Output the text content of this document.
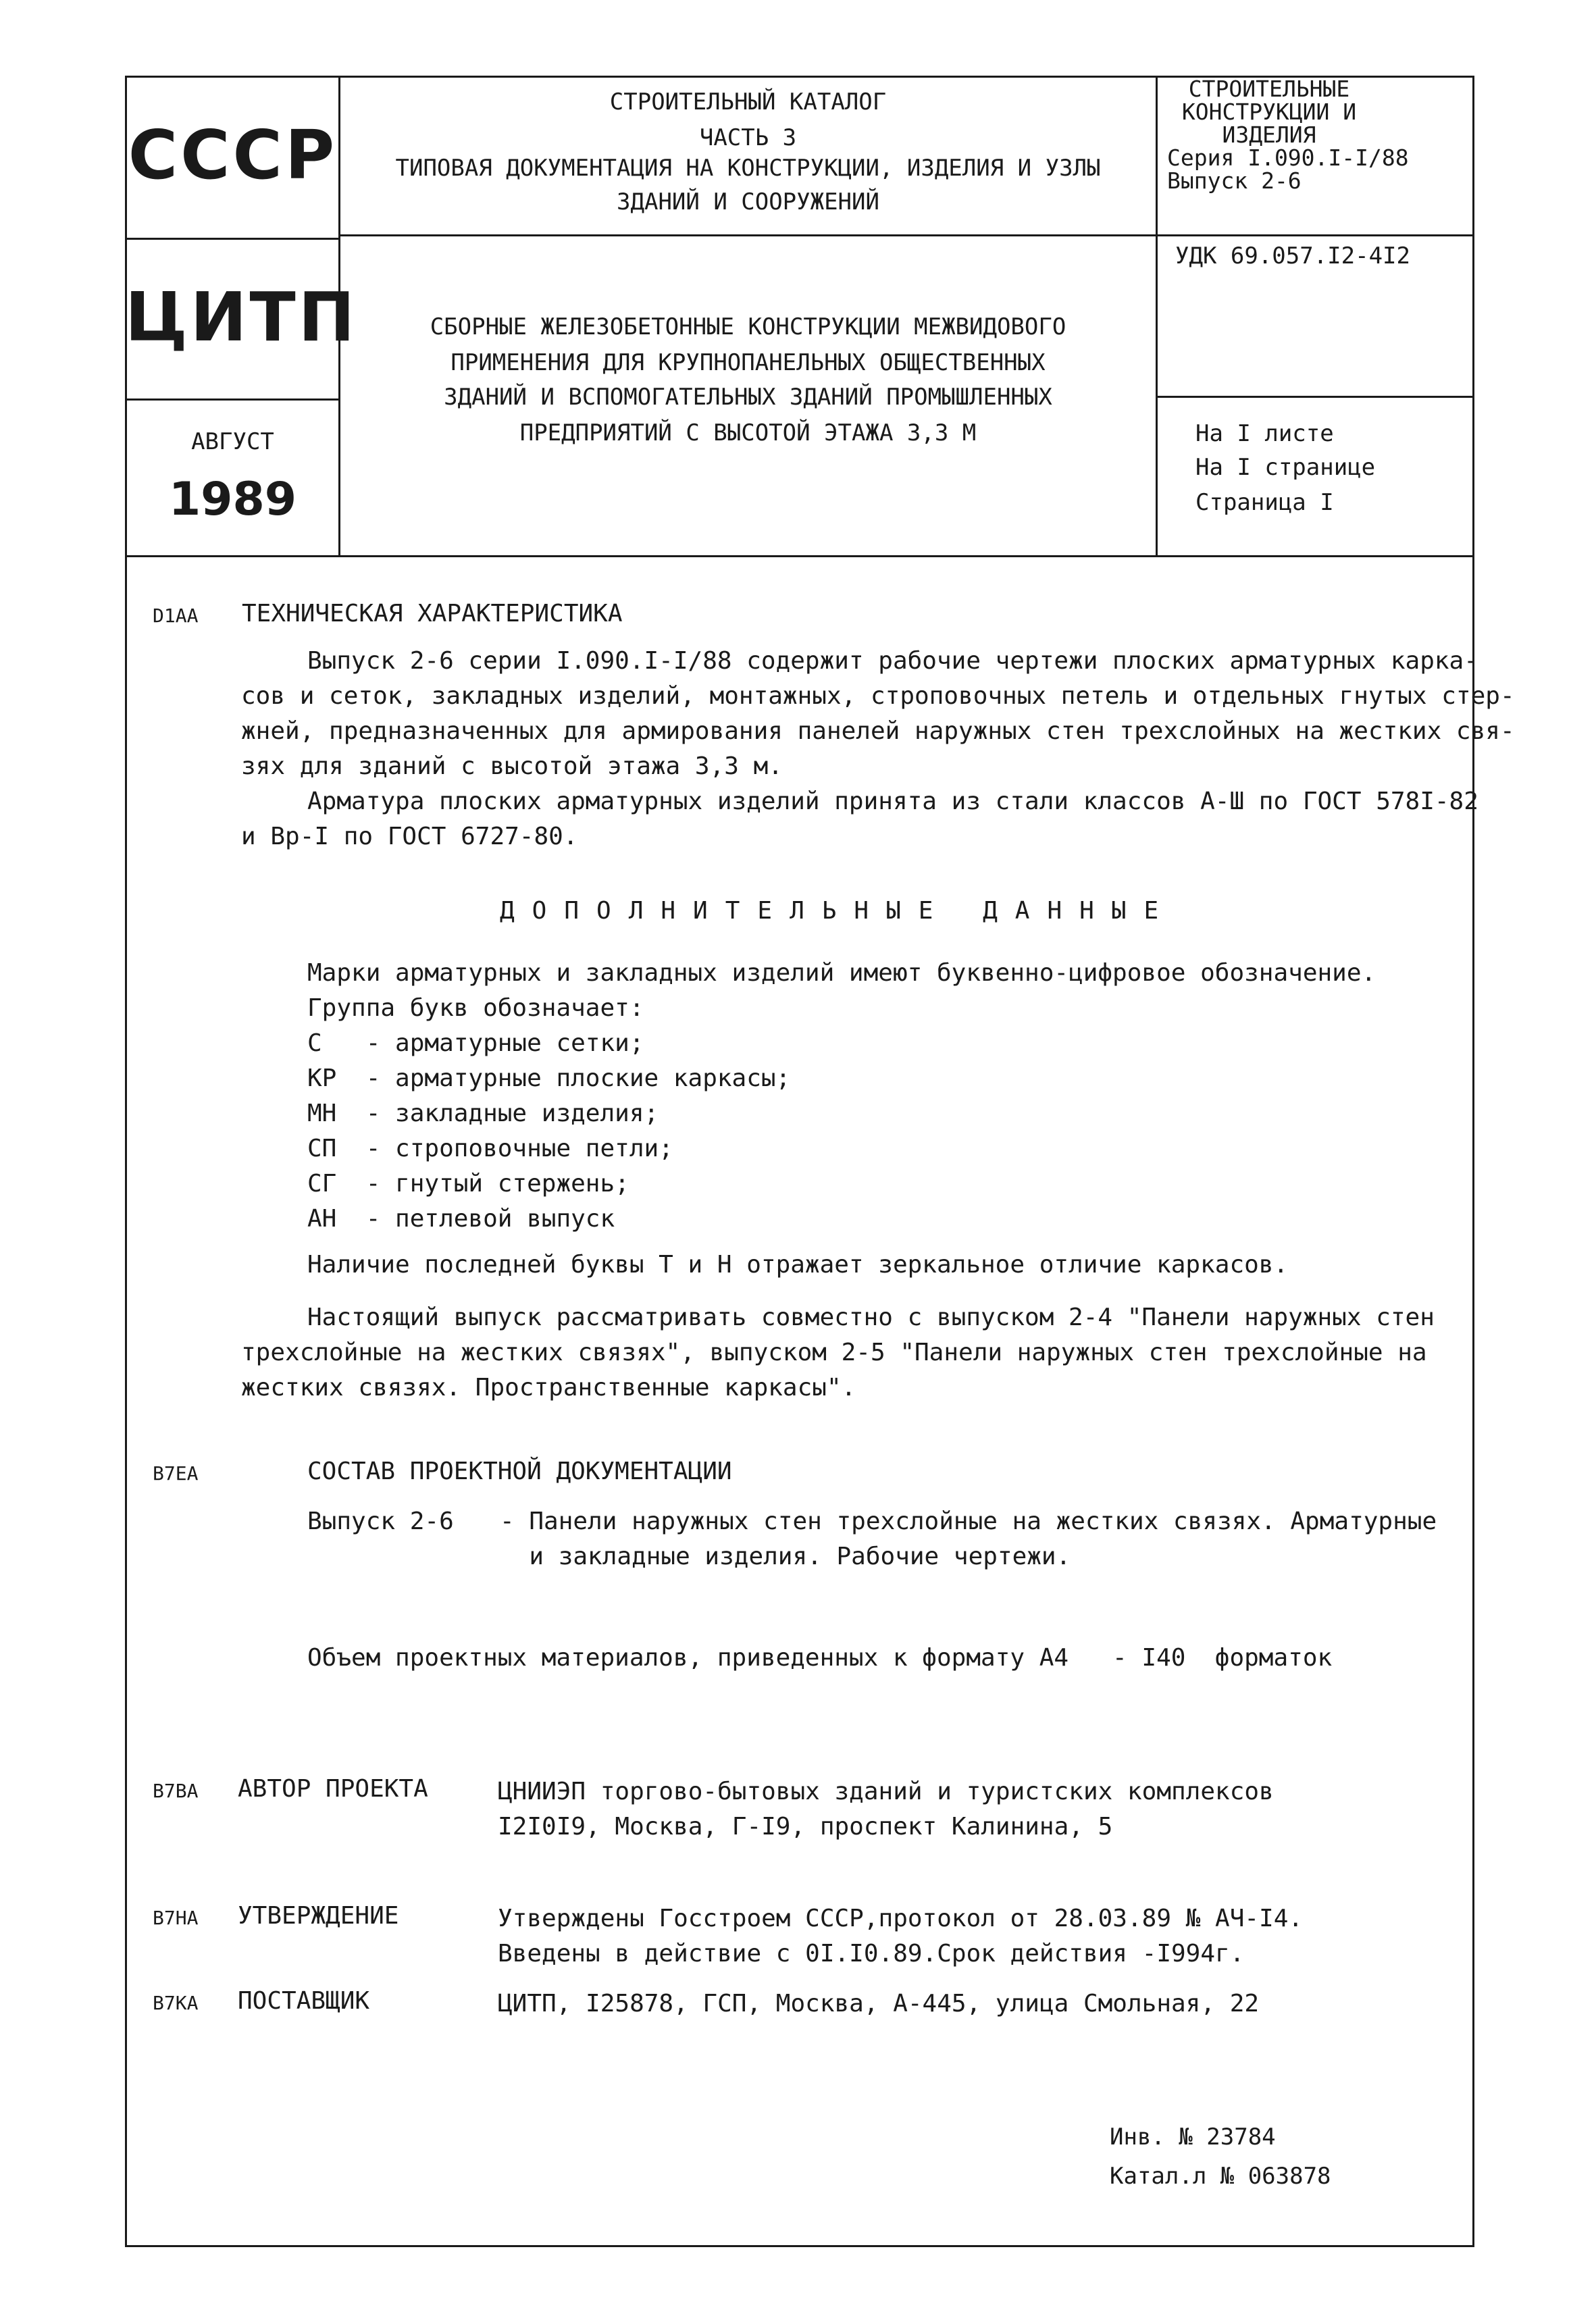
СССР
ЦИТП
АВГУСТ
1989
СТРОИТЕЛЬНЫЙ КАТАЛОГ
ЧАСТЬ 3
ТИПОВАЯ ДОКУМЕНТАЦИЯ НА КОНСТРУКЦИИ, ИЗДЕЛИЯ И УЗЛЫ
ЗДАНИЙ И СООРУЖЕНИЙ
СБОРНЫЕ ЖЕЛЕЗОБЕТОННЫЕ КОНСТРУКЦИИ МЕЖВИДОВОГО
ПРИМЕНЕНИЯ ДЛЯ КРУПНОПАНЕЛЬНЫХ ОБЩЕСТВЕННЫХ
ЗДАНИЙ И ВСПОМОГАТЕЛЬНЫХ ЗДАНИЙ ПРОМЫШЛЕННЫХ
ПРЕДПРИЯТИЙ С ВЫСОТОЙ ЭТАЖА 3,3 М
СТРОИТЕЛЬНЫЕ
КОНСТРУКЦИИ И
ИЗДЕЛИЯ
Серия I.090.I-I/88
Выпуск 2-6
УДК 69.057.I2-4I2
На I листе
На I странице
Страница I
D1AA ТЕХНИЧЕСКАЯ ХАРАКТЕРИСТИКА
Выпуск 2-6 серии I.090.I-I/88 содержит рабочие чертежи плоских арматурных карка-
сов и сеток, закладных изделий, монтажных, строповочных петель и отдельных гнутых стер-
жней, предназначенных для армирования панелей наружных стен трехслойных на жестких свя-
зях для зданий с высотой этажа 3,3 м.
Арматура плоских арматурных изделий принята из стали классов А-Ш по ГОСТ 578I-82
и Вр-I по ГОСТ 6727-80.
ДОПОЛНИТЕЛЬНЫЕ ДАННЫЕ
Марки арматурных и закладных изделий имеют буквенно-цифровое обозначение.
Группа букв обозначает:
С   - арматурные сетки;
КР  - арматурные плоские каркасы;
МН  - закладные изделия;
СП  - строповочные петли;
СГ  - гнутый стержень;
АН  - петлевой выпуск
Наличие последней буквы Т и Н отражает зеркальное отличие каркасов.
Настоящий выпуск рассматривать совместно с выпуском 2-4 "Панели наружных стен
трехслойные на жестких связях", выпуском 2-5 "Панели наружных стен трехслойные на
жестких связях. Пространственные каркасы".
B7EA	СОСТАВ ПРОЕКТНОЙ ДОКУМЕНТАЦИИ
Выпуск 2-6 - Панели наружных стен трехслойные на жестких связях. Арматурные
и закладные изделия. Рабочие чертежи.
Объем проектных материалов, приведенных к формату А4   - I40  форматок
B7BA АВТОР ПРОЕКТА	ЦНИИЭП торгово-бытовых зданий и туристских комплексов
I2I0I9, Москва, Г-I9, проспект Калинина, 5
B7HA УТВЕРЖДЕНИЕ	Утверждены Госстроем СССР,протокол от 28.03.89 № АЧ-I4.
Введены в действие с 0I.I0.89.Срок действия -I994г.
B7KA ПОСТАВЩИК	ЦИТП, I25878, ГСП, Москва, А-445, улица Смольная, 22
Инв. № 23784
Катал.л № 063878
